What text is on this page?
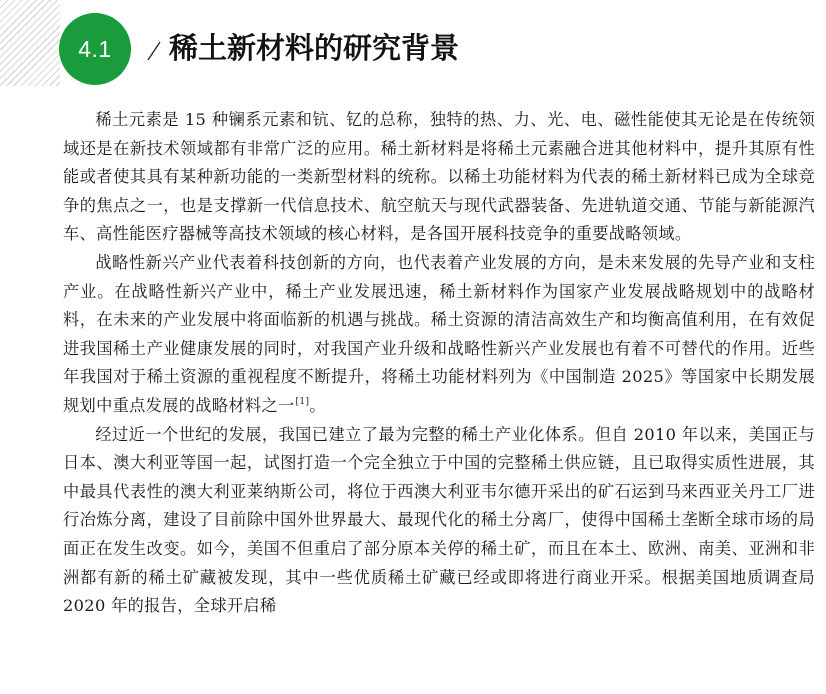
4.1 稀土新材料的研究背景

稀土元素是 15 种镧系元素和钪、钇的总称，独特的热、力、光、电、磁性能使其无论是在传统领域还是在新技术领域都有非常广泛的应用。稀土新材料是将稀土元素融合进其他材料中，提升其原有性能或者使其具有某种新功能的一类新型材料的统称。以稀土功能材料为代表的稀土新材料已成为全球竞争的焦点之一，也是支撑新一代信息技术、航空航天与现代武器装备、先进轨道交通、节能与新能源汽车、高性能医疗器械等高技术领域的核心材料，是各国开展科技竞争的重要战略领域。

战略性新兴产业代表着科技创新的方向，也代表着产业发展的方向，是未来发展的先导产业和支柱产业。在战略性新兴产业中，稀土产业发展迅速，稀土新材料作为国家产业发展战略规划中的战略材料，在未来的产业发展中将面临新的机遇与挑战。稀土资源的清洁高效生产和均衡高值利用，在有效促进我国稀土产业健康发展的同时，对我国产业升级和战略性新兴产业发展也有着不可替代的作用。近些年我国对于稀土资源的重视程度不断提升，将稀土功能材料列为《中国制造 2025》等国家中长期发展规划中重点发展的战略材料之一[1]。

经过近一个世纪的发展，我国已建立了最为完整的稀土产业化体系。但自 2010 年以来，美国正与日本、澳大利亚等国一起，试图打造一个完全独立于中国的完整稀土供应链，且已取得实质性进展，其中最具代表性的澳大利亚莱纳斯公司，将位于西澳大利亚韦尔德开采出的矿石运到马来西亚关丹工厂进行冶炼分离，建设了目前除中国外世界最大、最现代化的稀土分离厂，使得中国稀土垄断全球市场的局面正在发生改变。如今，美国不但重启了部分原本关停的稀土矿，而且在本土、欧洲、南美、亚洲和非洲都有新的稀土矿藏被发现，其中一些优质稀土矿藏已经或即将进行商业开采。根据美国地质调查局 2020 年的报告，全球开启稀
